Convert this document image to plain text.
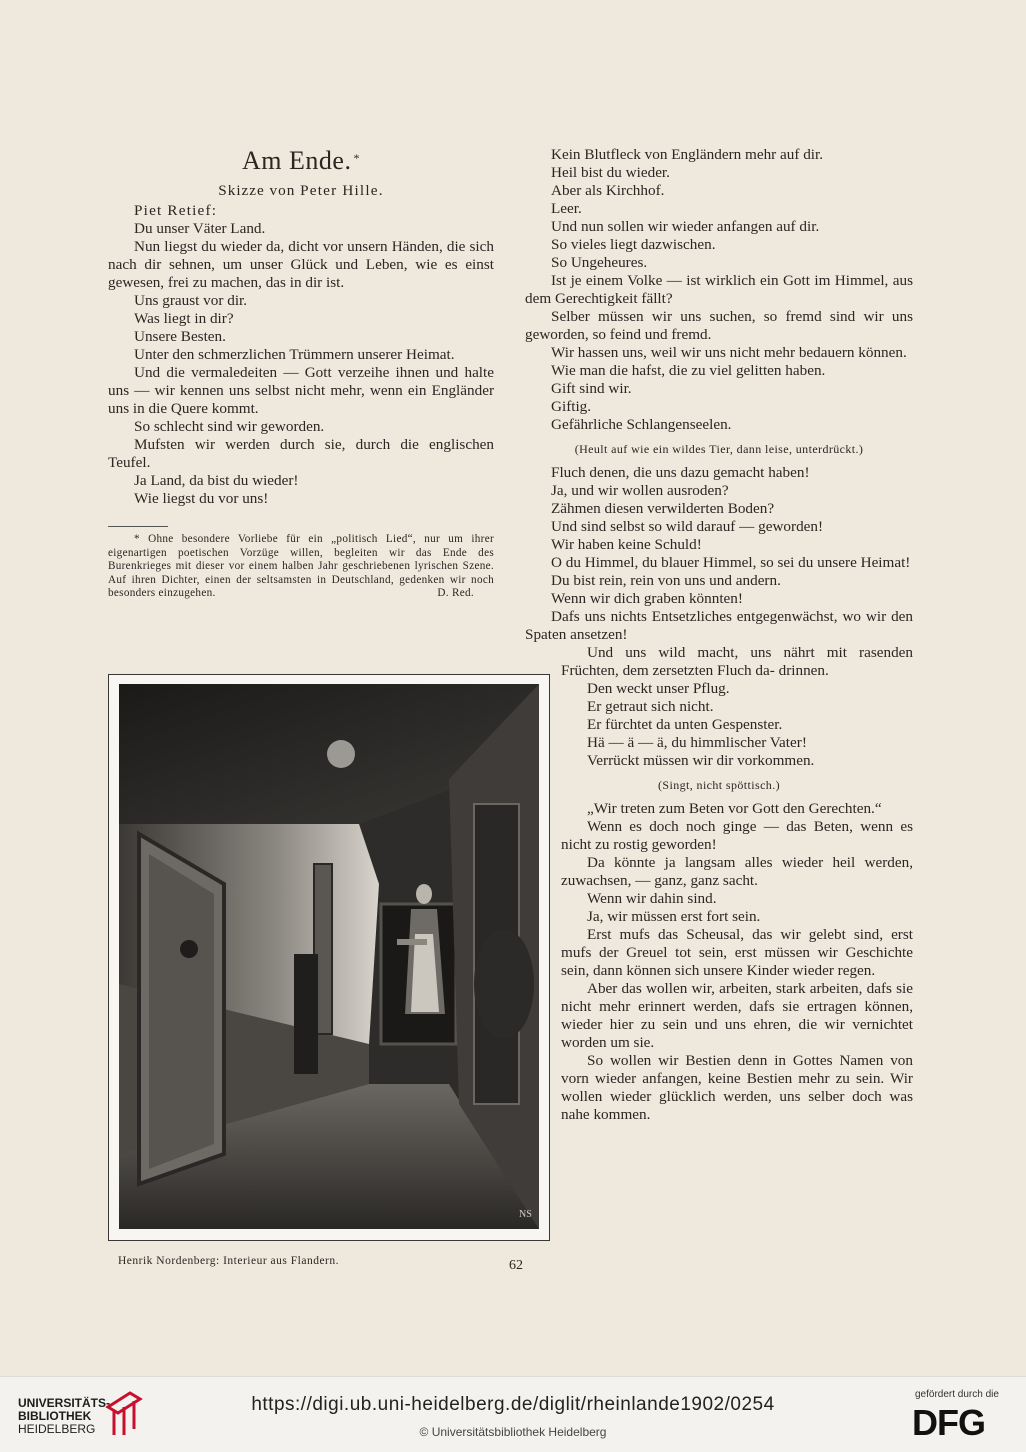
Am Ende. *
Skizze von Peter Hille.

Piet Retief:

Du unser Väter Land.

Nun liegst du wieder da, dicht vor unsern Händen, die sich nach dir sehnen, um unser Glück und Leben, wie es einst gewesen, frei zu machen, das in dir ist.

Uns graust vor dir.

Was liegt in dir?

Unsere Besten.

Unter den schmerzlichen Trümmern unserer Heimat.

Und die vermaledeiten — Gott verzeihe ihnen und halte uns — wir kennen uns selbst nicht mehr, wenn ein Engländer uns in die Quere kommt.

So schlecht sind wir geworden.

Mufsten wir werden durch sie, durch die englischen Teufel.

Ja Land, da bist du wieder!

Wie liegst du vor uns!

* Ohne besondere Vorliebe für ein „politisch Lied“, nur um ihrer eigenartigen poetischen Vorzüge willen, begleiten wir das Ende des Burenkrieges mit dieser vor einem halben Jahr geschriebenen lyrischen Szene. Auf ihren Dichter, einen der seltsamsten in Deutschland, gedenken wir noch besonders einzugehen.	D. Red.

Kein Blutfleck von Engländern mehr auf dir.

Heil bist du wieder.

Aber als Kirchhof.

Leer.

Und nun sollen wir wieder anfangen auf dir.

So vieles liegt dazwischen.

So Ungeheures.

Ist je einem Volke — ist wirklich ein Gott im Himmel, aus dem Gerechtigkeit fällt?

Selber müssen wir uns suchen, so fremd sind wir uns geworden, so feind und fremd.

Wir hassen uns, weil wir uns nicht mehr bedauern können.

Wie man die hafst, die zu viel gelitten haben.

Gift sind wir.

Giftig.

Gefährliche Schlangenseelen.

(Heult auf wie ein wildes Tier, dann leise, unterdrückt.)

Fluch denen, die uns dazu gemacht haben!

Ja, und wir wollen ausroden?

Zähmen diesen verwilderten Boden?

Und sind selbst so wild darauf — geworden!

Wir haben keine Schuld!

O du Himmel, du blauer Himmel, so sei du unsere Heimat!

Du bist rein, rein von uns und andern.

Wenn wir dich graben könnten!

Dafs uns nichts Entsetzliches entgegenwächst, wo wir den Spaten ansetzen!

Und uns wild macht, uns nährt mit rasenden Früchten, dem zersetzten Fluch da- drinnen.

Den weckt unser Pflug.

Er getraut sich nicht.

Er fürchtet da unten Gespenster.

Hä — ä — ä, du himmlischer Vater!

Verrückt müssen wir dir vorkommen.

(Singt, nicht spöttisch.)

„Wir treten zum Beten vor Gott den Gerechten.“

Wenn es doch noch ginge — das Beten, wenn es nicht zu rostig geworden!

Da könnte ja langsam alles wieder heil werden, zuwachsen, — ganz, ganz sacht.

Wenn wir dahin sind.

Ja, wir müssen erst fort sein.

Erst mufs das Scheusal, das wir gelebt sind, erst mufs der Greuel tot sein, erst müssen wir Geschichte sein, dann können sich unsere Kinder wieder regen.

Aber das wollen wir, arbeiten, stark arbeiten, dafs sie nicht mehr erinnert werden, dafs sie ertragen können, wieder hier zu sein und uns ehren, die wir vernichtet worden um sie.

So wollen wir Bestien denn in Gottes Namen von vorn wieder anfangen, keine Bestien mehr zu sein. Wir wollen wieder glücklich werden, uns selber doch was nahe kommen.

NS
Henrik Nordenberg: Interieur aus Flandern.	62
UNIVERSITÄTS-
BIBLIOTHEK
HEIDELBERG
https://digi.ub.uni-heidelberg.de/diglit/rheinlande1902/0254
© Universitätsbibliothek Heidelberg
gefördert durch die
DFG
